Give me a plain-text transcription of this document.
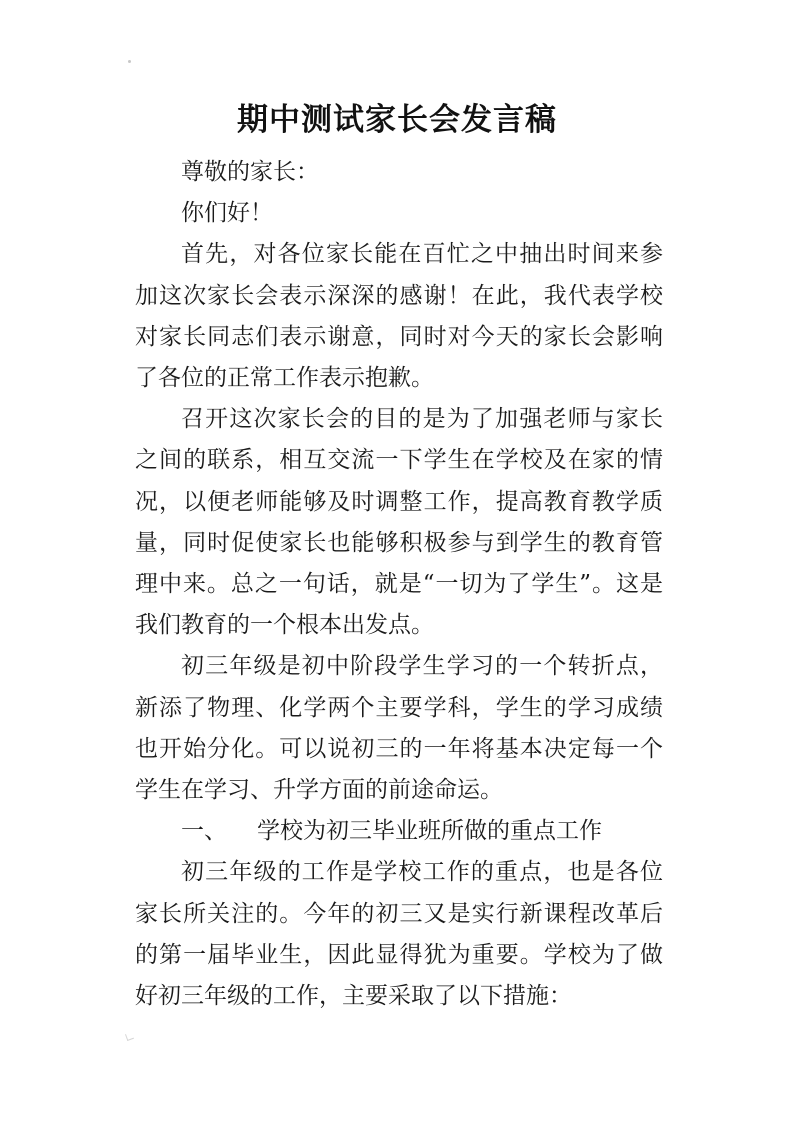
期中测试家长会发言稿

尊敬的家长：

你们好！

首先，对各位家长能在百忙之中抽出时间来参加这次家长会表示深深的感谢！在此，我代表学校对家长同志们表示谢意，同时对今天的家长会影响了各位的正常工作表示抱歉。

召开这次家长会的目的是为了加强老师与家长之间的联系，相互交流一下学生在学校及在家的情况，以便老师能够及时调整工作，提高教育教学质量，同时促使家长也能够积极参与到学生的教育管理中来。总之一句话，就是“一切为了学生”。这是我们教育的一个根本出发点。

初三年级是初中阶段学生学习的一个转折点，新添了物理、化学两个主要学科，学生的学习成绩也开始分化。可以说初三的一年将基本决定每一个学生在学习、升学方面的前途命运。

一、 学校为初三毕业班所做的重点工作

初三年级的工作是学校工作的重点，也是各位家长所关注的。今年的初三又是实行新课程改革后的第一届毕业生，因此显得犹为重要。学校为了做好初三年级的工作，主要采取了以下措施：
